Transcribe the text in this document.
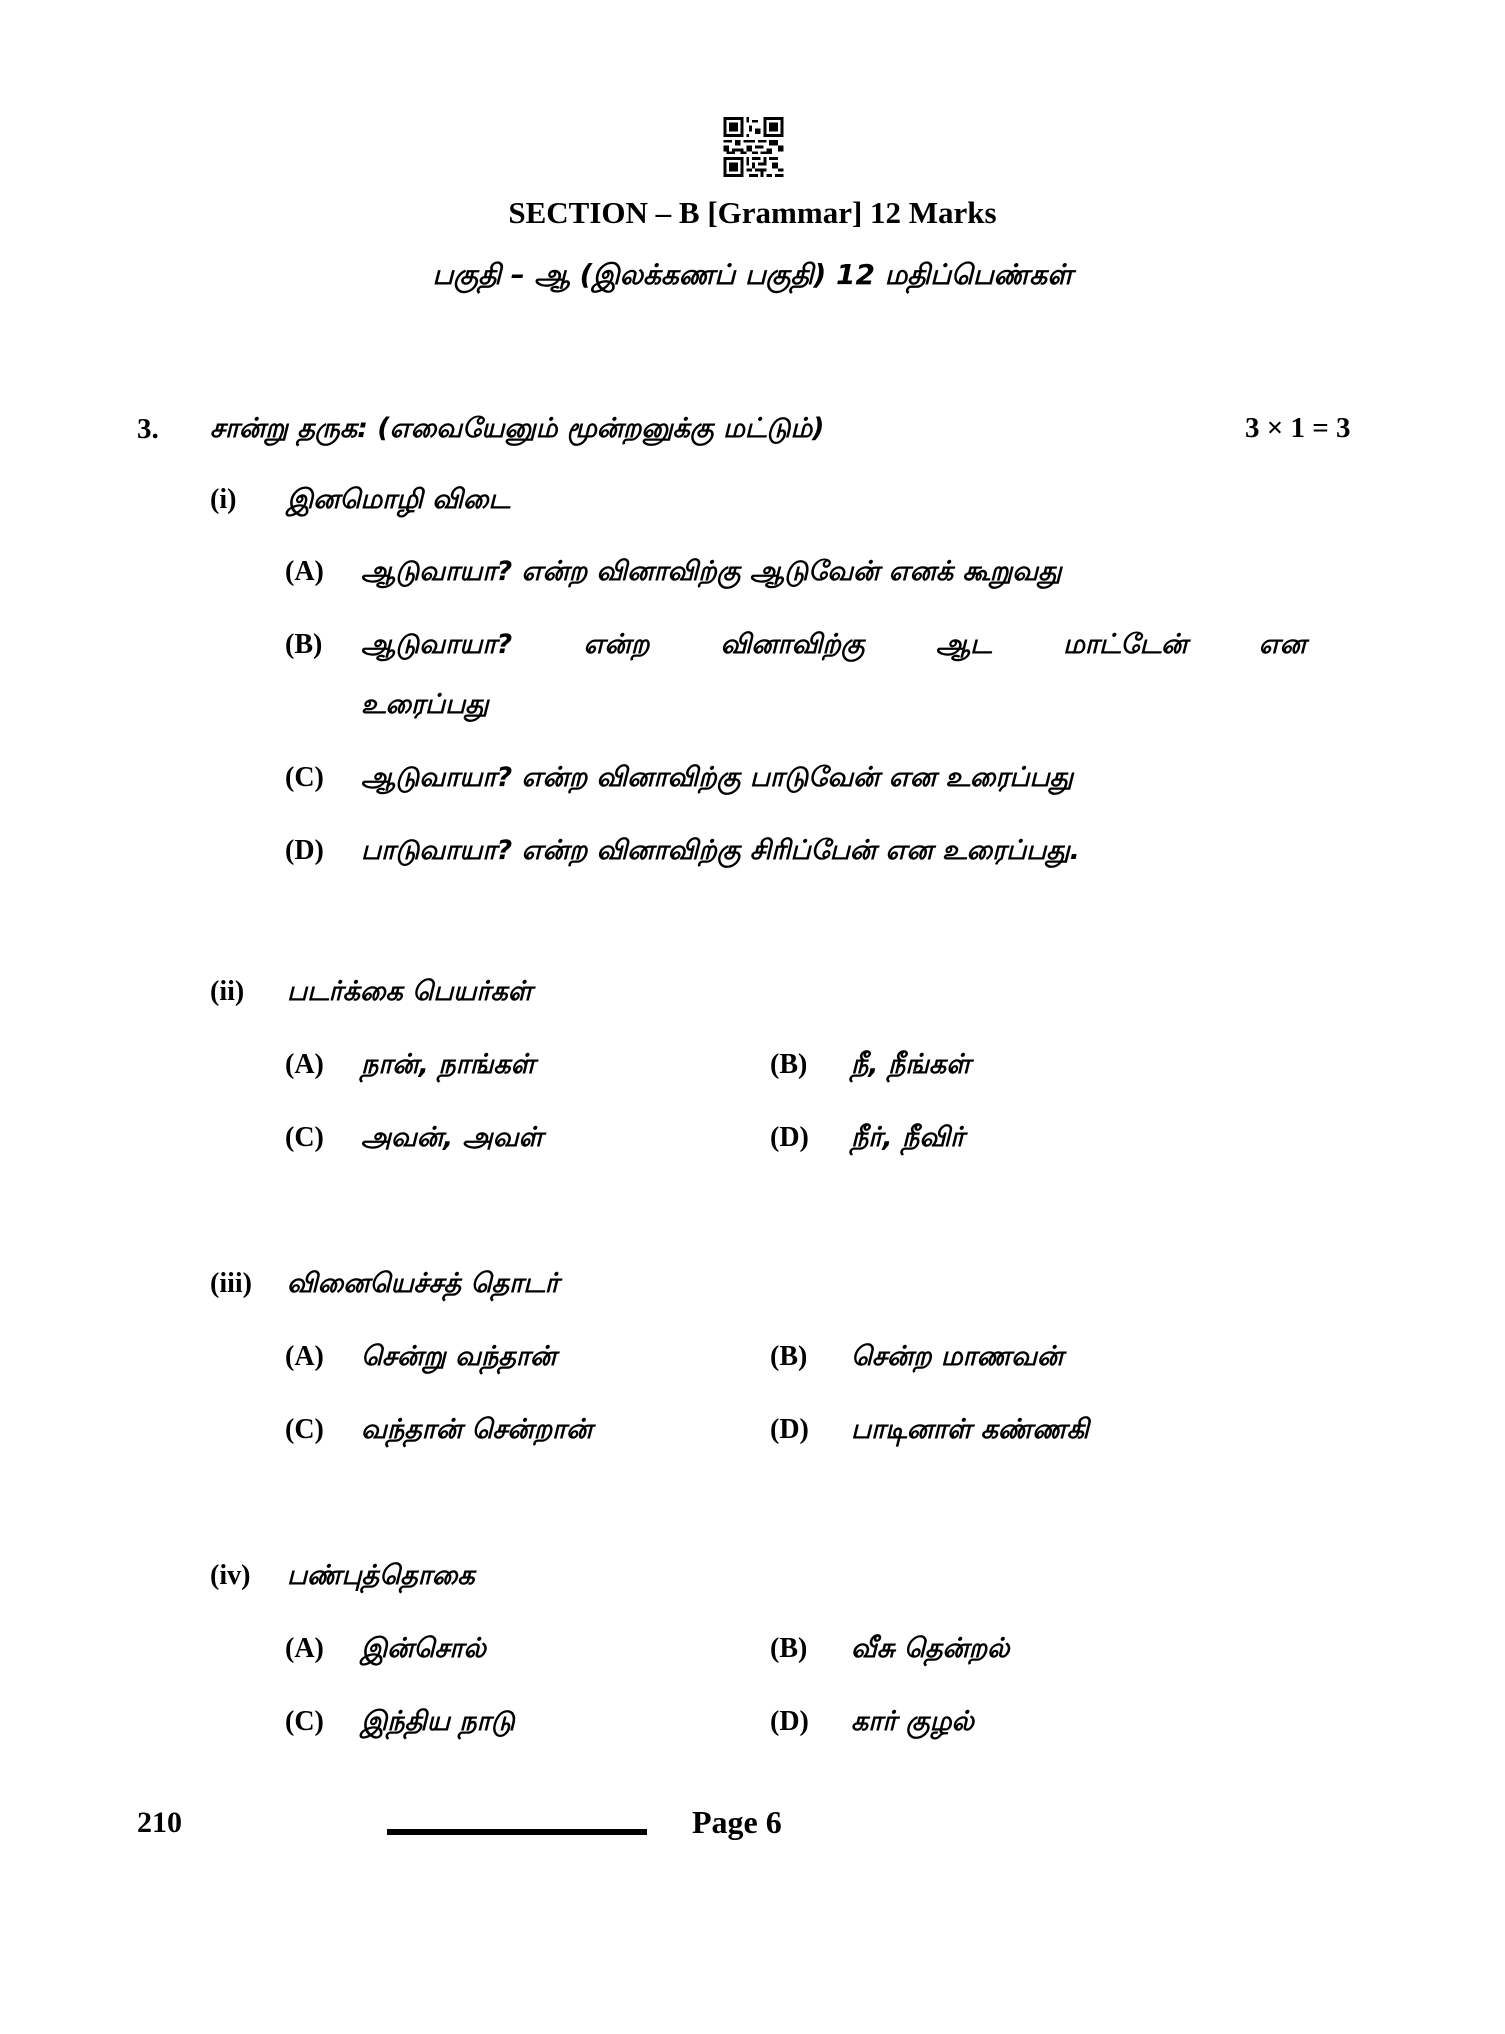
SECTION – B [Grammar] 12 Marks
பகுதி – ஆ (இலக்கணப் பகுதி) 12 மதிப்பெண்கள்
3. சான்று தருக: (எவையேனும் மூன்றனுக்கு மட்டும்)	3 × 1 = 3
(i) இனமொழி விடை
(A) ஆடுவாயா? என்ற வினாவிற்கு ஆடுவேன் எனக் கூறுவது
(B) ஆடுவாயா?	என்ற	வினாவிற்கு	ஆட	மாட்டேன்	என
உரைப்பது
(C) ஆடுவாயா? என்ற வினாவிற்கு பாடுவேன் என உரைப்பது
(D) பாடுவாயா? என்ற வினாவிற்கு சிரிப்பேன் என உரைப்பது.
(ii) படர்க்கை பெயர்கள்
(A) நான், நாங்கள்	(B) நீ, நீங்கள்
(C) அவன், அவள்	(D) நீர், நீவிர்
(iii) வினையெச்சத் தொடர்
(A) சென்று வந்தான்	(B) சென்ற மாணவன்
(C) வந்தான் சென்றான்	(D) பாடினாள் கண்ணகி
(iv) பண்புத்தொகை
(A) இன்சொல்	(B) வீசு தென்றல்
(C) இந்திய நாடு	(D) கார் குழல்
210	Page 6
